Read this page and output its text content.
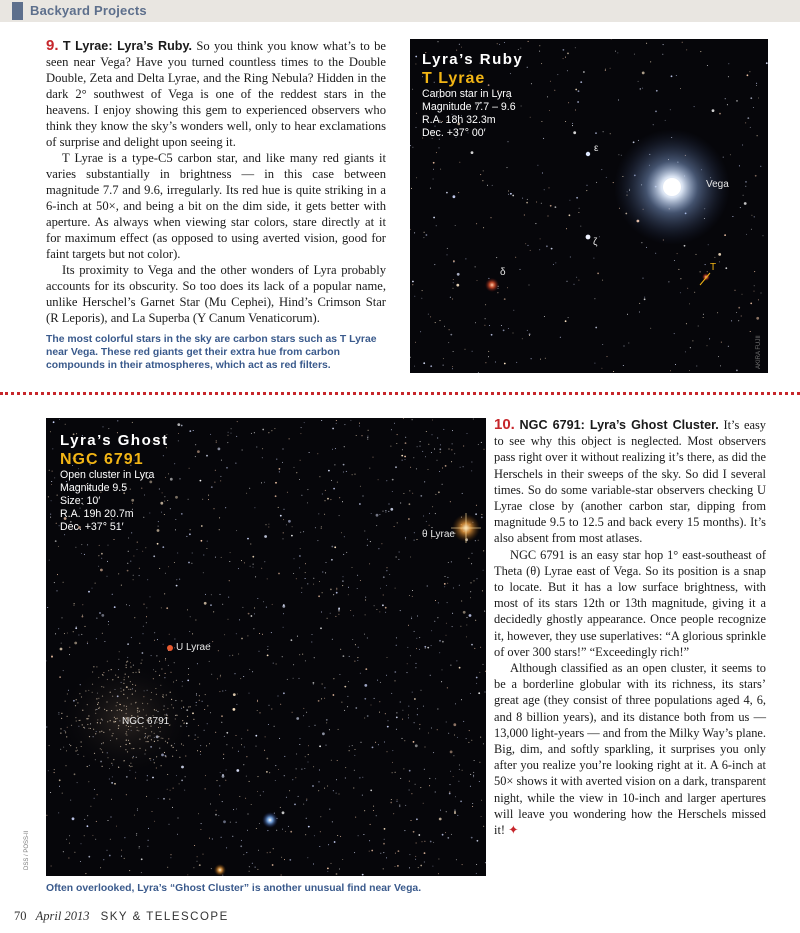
Backyard Projects

9. T Lyrae: Lyra’s Ruby. So you think you know what’s to be seen near Vega? Have you turned countless times to the Double Double, Zeta and Delta Lyrae, and the Ring Nebula? Hidden in the dark 2° southwest of Vega is one of the reddest stars in the heavens. I enjoy showing this gem to experienced observers who think they know the sky’s wonders well, only to hear exclamations of surprise and delight upon seeing it.

T Lyrae is a type-C5 carbon star, and like many red giants it varies substantially in brightness — in this case between magnitude 7.7 and 9.6, irregularly. Its red hue is quite striking in a 6-inch at 50×, and being a bit on the dim side, it gets better with aperture. As always when viewing star colors, stare directly at it for maximum effect (as opposed to using averted vision, good for faint targets but not color).

Its proximity to Vega and the other wonders of Lyra probably accounts for its obscurity. So too does its lack of a popular name, unlike Herschel’s Garnet Star (Mu Cephei), Hind’s Crimson Star (R Leporis), and La Superba (Y Canum Venaticorum).

The most colorful stars in the sky are carbon stars such as T Lyrae near Vega. These red giants get their extra hue from carbon compounds in their atmospheres, which act as red filters.
Lyra’s Ruby
T Lyrae
Carbon star in Lyra
Magnitude 7.7 – 9.6
R.A. 18h 32.3m
Dec. +37° 00′
Vega
ε
ζ
δ	T
AKIRA FUJII
Lyra’s Ghost
NGC 6791
Open cluster in Lyra
Magnitude 9.5
Size: 10′
R.A. 19h 20.7m
Dec. +37° 51′
θ Lyrae
U Lyrae
NGC 6791
DSS / POSS-II
Often overlooked, Lyra’s “Ghost Cluster” is another unusual find near Vega.

10. NGC 6791: Lyra’s Ghost Cluster. It’s easy to see why this object is neglected. Most observers pass right over it without realizing it’s there, as did the Herschels in their sweeps of the sky. So did I several times. So do some variable-star observers checking U Lyrae close by (another carbon star, dipping from magnitude 9.5 to 12.5 and back every 15 months). It’s also absent from most atlases.

NGC 6791 is an easy star hop 1° east-southeast of Theta (θ) Lyrae east of Vega. So its position is a snap to locate. But it has a low surface brightness, with most of its stars 12th or 13th magnitude, giving it a decidedly ghostly appearance. Once people recognize it, however, they use superlatives: “A glorious sprinkle of over 300 stars!” “Exceedingly rich!”

Although classified as an open cluster, it seems to be a borderline globular with its richness, its stars’ great age (they consist of three populations aged 4, 6, and 8 billion years), and its distance both from us — 13,000 light-years — and from the Milky Way’s plane. Big, dim, and softly sparkling, it surprises you only after you realize you’re looking right at it. A 6-inch at 50× shows it with averted vision on a dark, transparent night, while the view in 10-inch and larger apertures will leave you wondering how the Herschels missed it! ✦

70 April 2013 SKY & TELESCOPE
